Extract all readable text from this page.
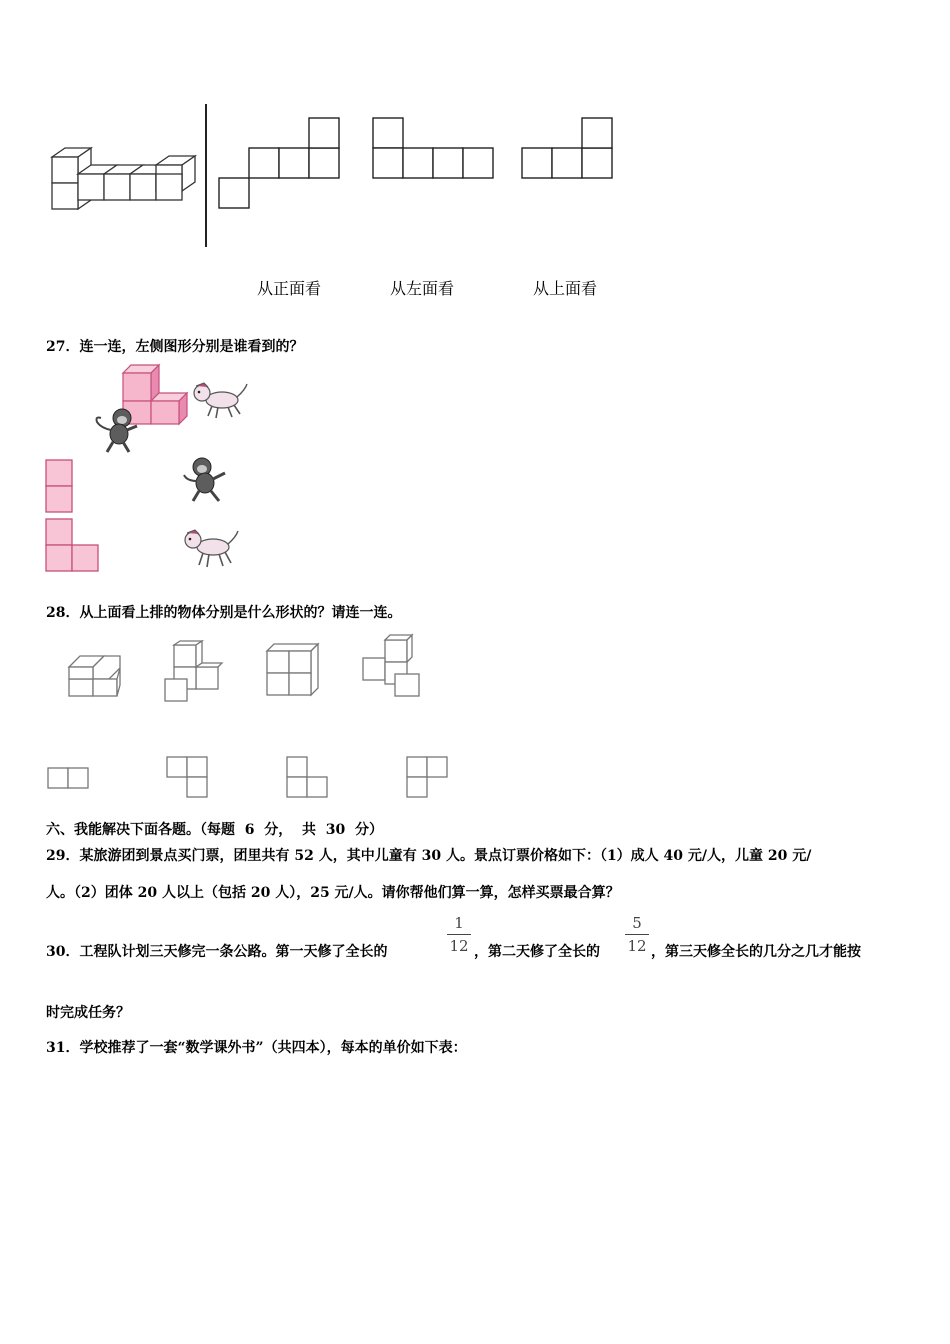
从正面看	从左面看	从上面看
27．连一连，左侧图形分别是谁看到的？
28．从上面看上排的物体分别是什么形状的？请连一连。
六、我能解决下面各题。（每题  6  分，  共  30  分）
29．某旅游团到景点买门票，团里共有 52 人，其中儿童有 30 人。景点订票价格如下：（1）成人 40 元/人，儿童 20 元/
人。（2）团体 20 人以上（包括 20 人），25 元/人。请你帮他们算一算，怎样买票最合算？
30．工程队计划三天修完一条公路。第一天修了全长的
1
12 ，第二天修了全长的
5
12 ，第三天修全长的几分之几才能按
时完成任务？
31．学校推荐了一套“数学课外书”（共四本），每本的单价如下表：
